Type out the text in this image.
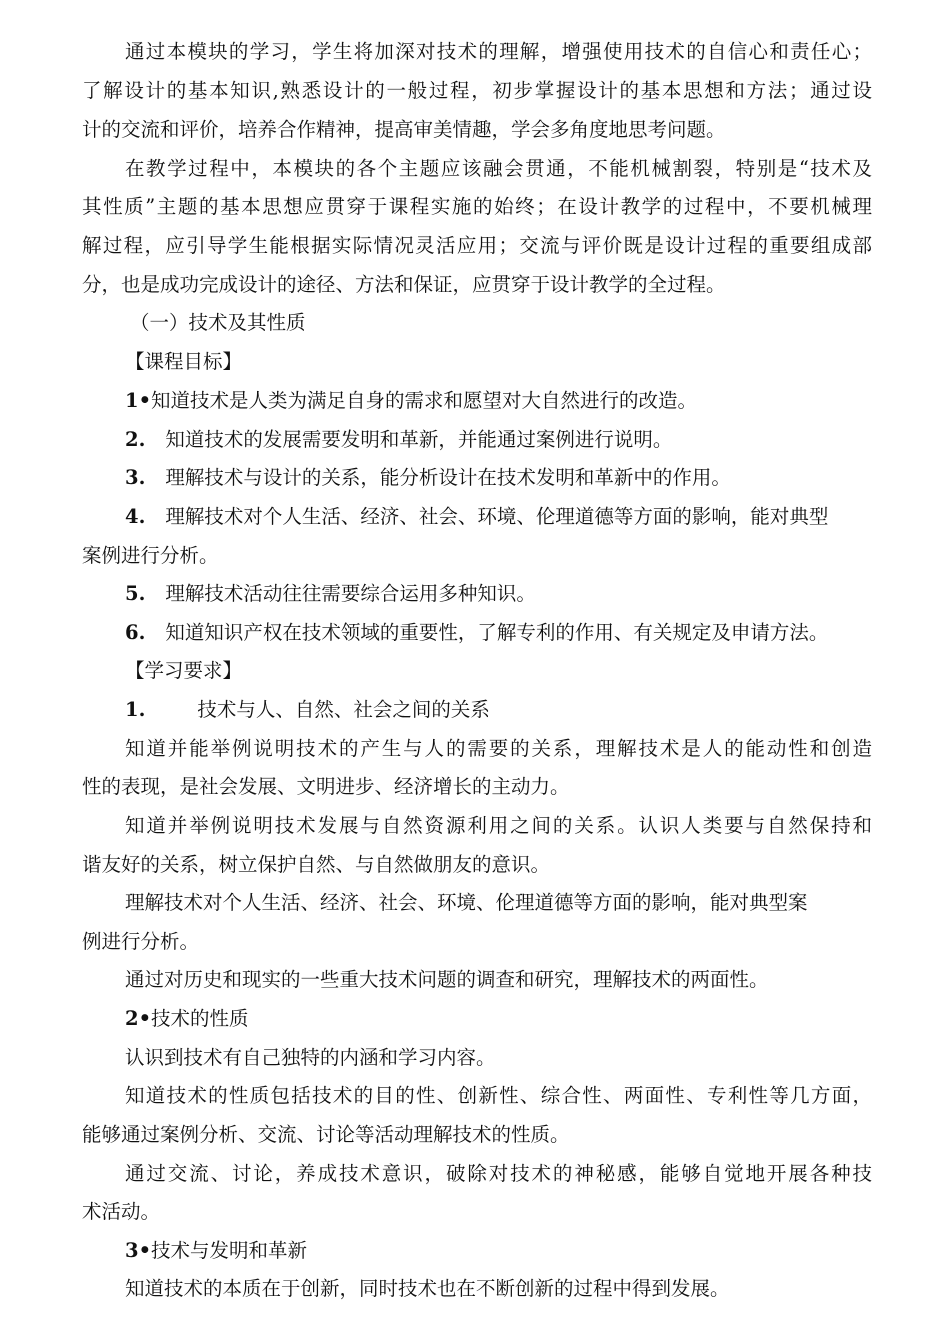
通过本模块的学习，学生将加深对技术的理解，增强使用技术的自信心和责任心；
了解设计的基本知识,熟悉设计的一般过程，初步掌握设计的基本思想和方法；通过设
计的交流和评价，培养合作精神，提高审美情趣，学会多角度地思考问题。
在教学过程中，本模块的各个主题应该融会贯通，不能机械割裂，特别是“技术及
其性质”主题的基本思想应贯穿于课程实施的始终；在设计教学的过程中，不要机械理
解过程，应引导学生能根据实际情况灵活应用；交流与评价既是设计过程的重要组成部
分，也是成功完成设计的途径、方法和保证，应贯穿于设计教学的全过程。
（一）技术及其性质
【课程目标】
1•知道技术是人类为满足自身的需求和愿望对大自然进行的改造。
2. 知道技术的发展需要发明和革新，并能通过案例进行说明。
3. 理解技术与设计的关系，能分析设计在技术发明和革新中的作用。
4. 理解技术对个人生活、经济、社会、环境、伦理道德等方面的影响，能对典型
案例进行分析。
5. 理解技术活动往往需要综合运用多种知识。
6. 知道知识产权在技术领域的重要性，了解专利的作用、有关规定及申请方法。
【学习要求】
1.	技术与人、自然、社会之间的关系
知道并能举例说明技术的产生与人的需要的关系，理解技术是人的能动性和创造
性的表现，是社会发展、文明进步、经济增长的主动力。
知道并举例说明技术发展与自然资源利用之间的关系。认识人类要与自然保持和
谐友好的关系，树立保护自然、与自然做朋友的意识。
理解技术对个人生活、经济、社会、环境、伦理道德等方面的影响，能对典型案
例进行分析。
通过对历史和现实的一些重大技术问题的调查和研究，理解技术的两面性。
2•技术的性质
认识到技术有自己独特的内涵和学习内容。
知道技术的性质包括技术的目的性、创新性、综合性、两面性、专利性等几方面，
能够通过案例分析、交流、讨论等活动理解技术的性质。
通过交流、讨论，养成技术意识，破除对技术的神秘感，能够自觉地开展各种技
术活动。
3•技术与发明和革新
知道技术的本质在于创新，同时技术也在不断创新的过程中得到发展。
